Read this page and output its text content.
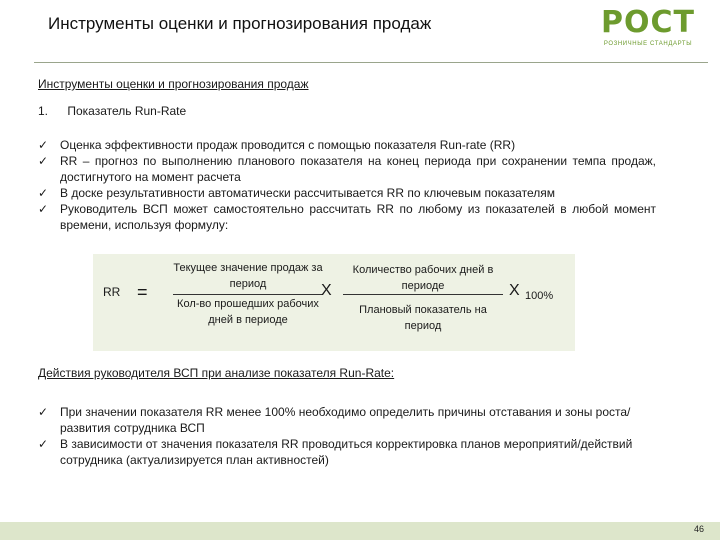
Инструменты оценки и прогнозирования продаж	РОСТ
РОЗНИЧНЫЕ СТАНДАРТЫ
Инструменты оценки и прогнозирования продаж
1. Показатель Run-Rate
✓ Оценка эффективности продаж проводится с помощью показателя Run-rate (RR)
✓ RR – прогноз по выполнению планового показателя на конец периода при сохранении темпа продаж, достигнутого на момент расчета
✓ В доске результативности автоматически рассчитывается RR по ключевым показателям
✓ Руководитель ВСП может самостоятельно рассчитать RR по любому из показателей в любой момент времени, используя формулу:
RR =
Текущее значение продаж за период
Кол-во прошедших рабочих дней в периоде
Х
Количество рабочих дней в периоде
Плановый показатель на период
Х 100%
Действия руководителя ВСП при анализе показателя Run-Rate:
✓ При значении показателя RR менее 100% необходимо определить причины отставания и зоны роста/развития сотрудника ВСП
✓ В зависимости от значения показателя RR проводиться корректировка планов мероприятий/действий сотрудника (актуализируется план активностей)
46
